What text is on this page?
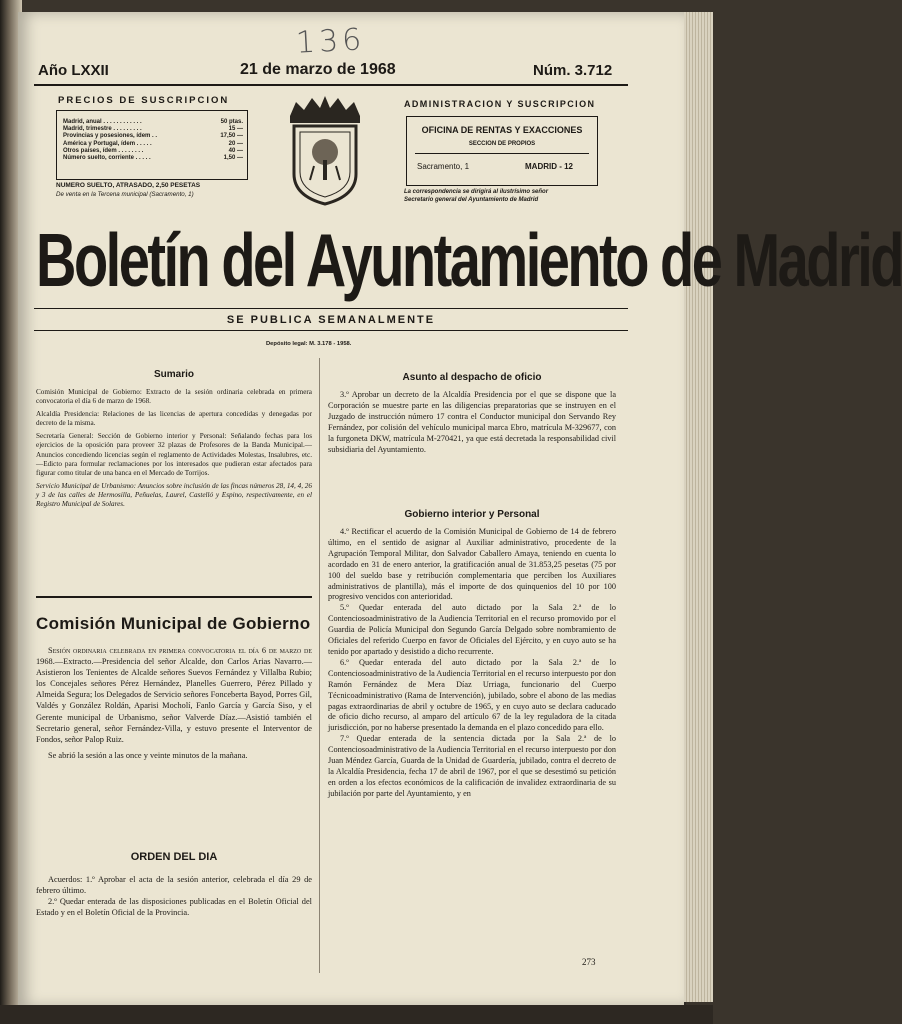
136
Año LXXII	21 de marzo de 1968	Núm. 3.712
PRECIOS DE SUSCRIPCION
Madrid, anual . . . . . . . . . . . .	50 ptas.
Madrid, trimestre . . . . . . . . .	15 —
Provincias y posesiones, ídem . .	17,50 —
América y Portugal, ídem . . . . .	20 —
Otros países, ídem . . . . . . . .	40 —
Número suelto, corriente . . . . .	1,50 —
NUMERO SUELTO, ATRASADO, 2,50 PESETAS
De venta en la Tercena municipal (Sacramento, 1)
ADMINISTRACION Y SUSCRIPCION
OFICINA DE RENTAS Y EXACCIONES
SECCION DE PROPIOS
Sacramento, 1	MADRID - 12
La correspondencia se dirigirá al ilustrísimo señor
Secretario general del Ayuntamiento de Madrid
Boletín del Ayuntamiento de Madrid
SE PUBLICA SEMANALMENTE
Depósito legal: M. 3.178 - 1958.
Sumario

Comisión Municipal de Gobierno: Extracto de la sesión ordinaria celebrada en primera convocatoria el día 6 de marzo de 1968.

Alcaldía Presidencia: Relaciones de las licencias de apertura concedidas y denegadas por decreto de la misma.

Secretaría General: Sección de Gobierno interior y Personal: Señalando fechas para los ejercicios de la oposición para proveer 32 plazas de Profesores de la Banda Municipal.—Anuncios concediendo licencias según el reglamento de Actividades Molestas, Insalubres, etc.—Edicto para formular reclamaciones por los interesados que pudieran estar afectados para figurar como titular de una banca en el Mercado de Torrijos.

Servicio Municipal de Urbanismo: Anuncios sobre inclusión de las fincas números 28, 14, 4, 26 y 3 de las calles de Hermosilla, Peñuelas, Laurel, Castelló y Espino, respectivamente, en el Registro Municipal de Solares.

Comisión Municipal de Gobierno

Sesión ordinaria celebrada en primera convocatoria el día 6 de marzo de 1968.—Extracto.—Presidencia del señor Alcalde, don Carlos Arias Navarro.—Asistieron los Tenientes de Alcalde señores Suevos Fernández y Villalba Rubio; los Concejales señores Pérez Hernández, Planelles Guerrero, Pérez Pillado y Almeida Segura; los Delegados de Servicio señores Fonceberta Bayod, Porres Gil, Valdés y González Roldán, Aparisi Mocholí, Fanlo García y García Siso, y el Gerente municipal de Urbanismo, señor Valverde Díaz.—Asistió también el Secretario general, señor Fernández-Villa, y estuvo presente el Interventor de Fondos, señor Palop Ruiz.

Se abrió la sesión a las once y veinte minutos de la mañana.

ORDEN DEL DIA

Acuerdos: 1.º Aprobar el acta de la sesión anterior, celebrada el día 29 de febrero último.

2.º Quedar enterada de las disposiciones publicadas en el Boletín Oficial del Estado y en el Boletín Oficial de la Provincia.

Asunto al despacho de oficio

3.º Aprobar un decreto de la Alcaldía Presidencia por el que se dispone que la Corporación se muestre parte en las diligencias preparatorias que se instruyen en el Juzgado de instrucción número 17 contra el Conductor municipal don Servando Rey Fernández, por colisión del vehículo municipal marca Ebro, matrícula M-329677, con la furgoneta DKW, matrícula M-270421, ya que está decretada la responsabilidad civil subsidiaria del Ayuntamiento.

Gobierno interior y Personal

4.º Rectificar el acuerdo de la Comisión Municipal de Gobierno de 14 de febrero último, en el sentido de asignar al Auxiliar administrativo, procedente de la Agrupación Temporal Militar, don Salvador Caballero Amaya, teniendo en cuenta lo acordado en 31 de enero anterior, la gratificación anual de 31.853,25 pesetas (75 por 100 del sueldo base y retribución complementaria que perciben los Auxiliares administrativos de plantilla), más el importe de dos quinquenios del 10 por 100 progresivo vencidos con anterioridad.

5.º Quedar enterada del auto dictado por la Sala 2.ª de lo Contenciosoadministrativo de la Audiencia Territorial en el recurso promovido por el Guardia de Policía Municipal don Segundo García Delgado sobre nombramiento de Oficiales del referido Cuerpo en favor de Oficiales del Ejército, y en cuyo auto se ha tenido por apartado y desistido a dicho recurrente.

6.º Quedar enterada del auto dictado por la Sala 2.ª de lo Contenciosoadministrativo de la Audiencia Territorial en el recurso interpuesto por don Ramón Fernández de Mera Díaz Urriaga, funcionario del Cuerpo Técnicoadministrativo (Rama de Intervención), jubilado, sobre el abono de las medias pagas extraordinarias de abril y octubre de 1965, y en cuyo auto se declara caducado de oficio dicho recurso, al amparo del artículo 67 de la ley reguladora de la citada jurisdicción, por no haberse presentado la demanda en el plazo concedido para ello.

7.º Quedar enterada de la sentencia dictada por la Sala 2.ª de lo Contenciosoadministrativo de la Audiencia Territorial en el recurso interpuesto por don Juan Méndez García, Guarda de la Unidad de Guardería, jubilado, contra el decreto de la Alcaldía Presidencia, fecha 17 de abril de 1967, por el que se desestimó su petición en orden a los efectos económicos de la calificación de invalidez extraordinaria de su jubilación por parte del Ayuntamiento, y en

273
